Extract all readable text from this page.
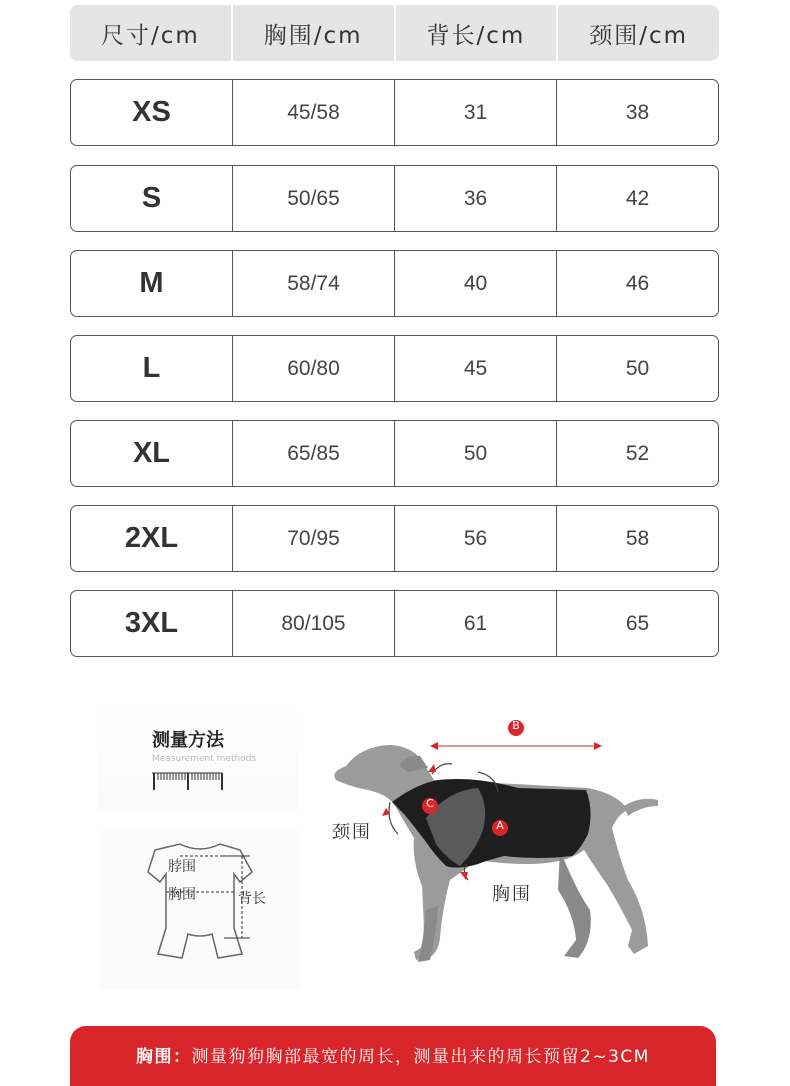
尺寸/cm	胸围/cm	背长/cm	颈围/cm
XS	45/58	31	38
S	50/65	36	42
M	58/74	40	46
L	60/80	45	50
XL	65/85	50	52
2XL	70/95	56	58
3XL	80/105	61	65
测量方法
Measurement methods
脖围
胸围	背长
B
C
A
颈围
胸围
胸围：测量狗狗胸部最宽的周长，测量出来的周长预留2~3CM
